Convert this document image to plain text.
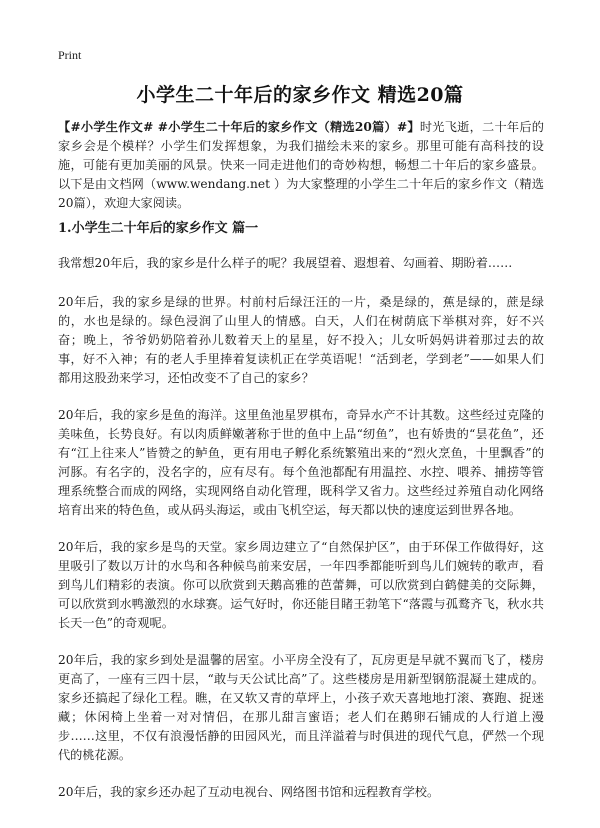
Print
小学生二十年后的家乡作文 精选20篇

【#小学生作文# #小学生二十年后的家乡作文（精选20篇）#】时光飞逝，二十年后的家乡会是个模样？小学生们发挥想象，为我们描绘未来的家乡。那里可能有高科技的设施，可能有更加美丽的风景。快来一同走进他们的奇妙构想，畅想二十年后的家乡盛景。以下是由文档网（www.wendang.net ）为大家整理的小学生二十年后的家乡作文（精选20篇），欢迎大家阅读。

1.小学生二十年后的家乡作文 篇一

我常想20年后，我的家乡是什么样子的呢？我展望着、遐想着、勾画着、期盼着……

20年后，我的家乡是绿的世界。村前村后绿汪汪的一片，桑是绿的，蕉是绿的，蔗是绿的，水也是绿的。绿色浸润了山里人的情感。白天，人们在树荫底下举棋对弈，好不兴奋；晚上，爷爷奶奶陪着孙儿数着天上的星星，好不投入；儿女听妈妈讲着那过去的故事，好不入神；有的老人手里捧着复读机正在学英语呢！“活到老，学到老”——如果人们都用这股劲来学习，还怕改变不了自己的家乡？

20年后，我的家乡是鱼的海洋。这里鱼池星罗棋布，奇异水产不计其数。这些经过克隆的美味鱼，长势良好。有以肉质鲜嫩著称于世的鱼中上品“纫鱼”，也有娇贵的“昙花鱼”，还有“江上往来人”皆赞之的鲈鱼，更有用电子孵化系统繁殖出来的“烈火烹鱼，十里飘香”的河豚。有名字的，没名字的，应有尽有。每个鱼池都配有用温控、水控、喂养、捕捞等管理系统整合而成的网络，实现网络自动化管理，既科学又省力。这些经过养殖自动化网络培育出来的特色鱼，或从码头海运，或由飞机空运，每天都以快的速度运到世界各地。

20年后，我的家乡是鸟的天堂。家乡周边建立了“自然保护区”，由于环保工作做得好，这里吸引了数以万计的水鸟和各种候鸟前来安居，一年四季都能听到鸟儿们婉转的歌声，看到鸟儿们精彩的表演。你可以欣赏到天鹅高雅的芭蕾舞，可以欣赏到白鹤健美的交际舞，可以欣赏到水鸭激烈的水球赛。运气好时，你还能目睹王勃笔下“落霞与孤鹜齐飞，秋水共长天一色”的奇观呢。

20年后，我的家乡到处是温馨的居室。小平房全没有了，瓦房更是早就不翼而飞了，楼房更高了，一座有三四十层，“敢与天公试比高”了。这些楼房是用新型钢筋混凝土建成的。家乡还搞起了绿化工程。瞧，在又软又青的草坪上，小孩子欢天喜地地打滚、赛跑、捉迷藏；休闲椅上坐着一对对情侣，在那儿甜言蜜语；老人们在鹅卵石铺成的人行道上漫步……这里，不仅有浪漫恬静的田园风光，而且洋溢着与时俱进的现代气息，俨然一个现代的桃花源。

20年后，我的家乡还办起了互动电视台、网络图书馆和远程教育学校。
